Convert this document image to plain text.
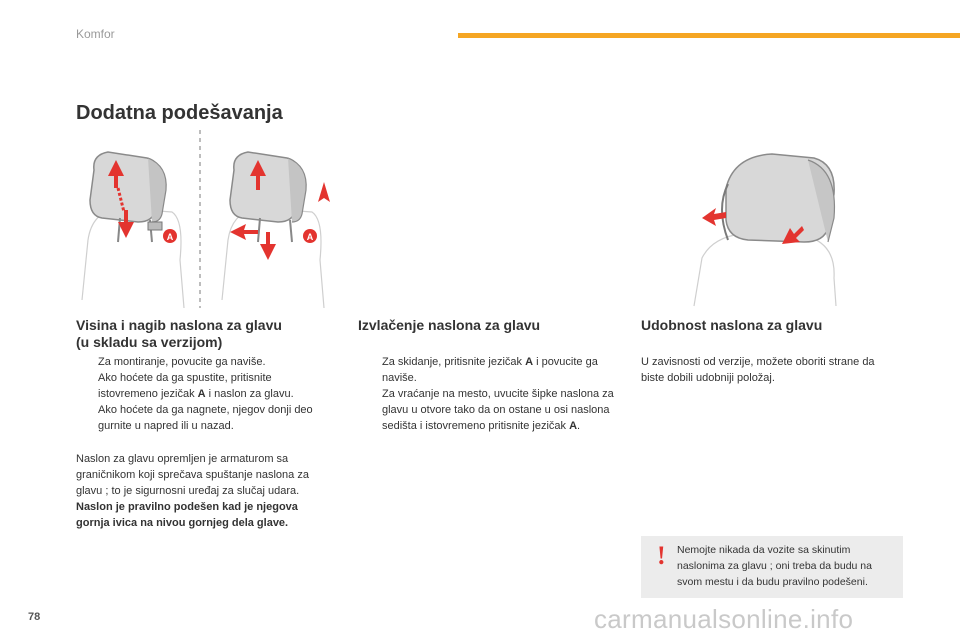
Komfor
Dodatna podešavanja
A	A
Visina i nagib naslona za glavu
(u skladu sa verzijom)
Za montiranje, povucite ga naviše.
Ako hoćete da ga spustite, pritisnite istovremeno jezičak A i naslon za glavu.
Ako hoćete da ga nagnete, njegov donji deo gurnite u napred ili u nazad.
Naslon za glavu opremljen je armaturom sa graničnikom koji sprečava spuštanje naslona za glavu ; to je sigurnosni uređaj za slučaj udara.
Naslon je pravilno podešen kad je njegova gornja ivica na nivou gornjeg dela glave.
Izvlačenje naslona za glavu
Za skidanje, pritisnite jezičak A i povucite ga naviše.
Za vraćanje na mesto, uvucite šipke naslona za glavu u otvore tako da on ostane u osi naslona sedišta i istovremeno pritisnite jezičak A.
Udobnost naslona za glavu
U zavisnosti od verzije, možete oboriti strane da biste dobili udobniji položaj.
! Nemojte nikada da vozite sa skinutim naslonima za glavu ; oni treba da budu na svom mestu i da budu pravilno podešeni.
78	carmanualsonline.info
